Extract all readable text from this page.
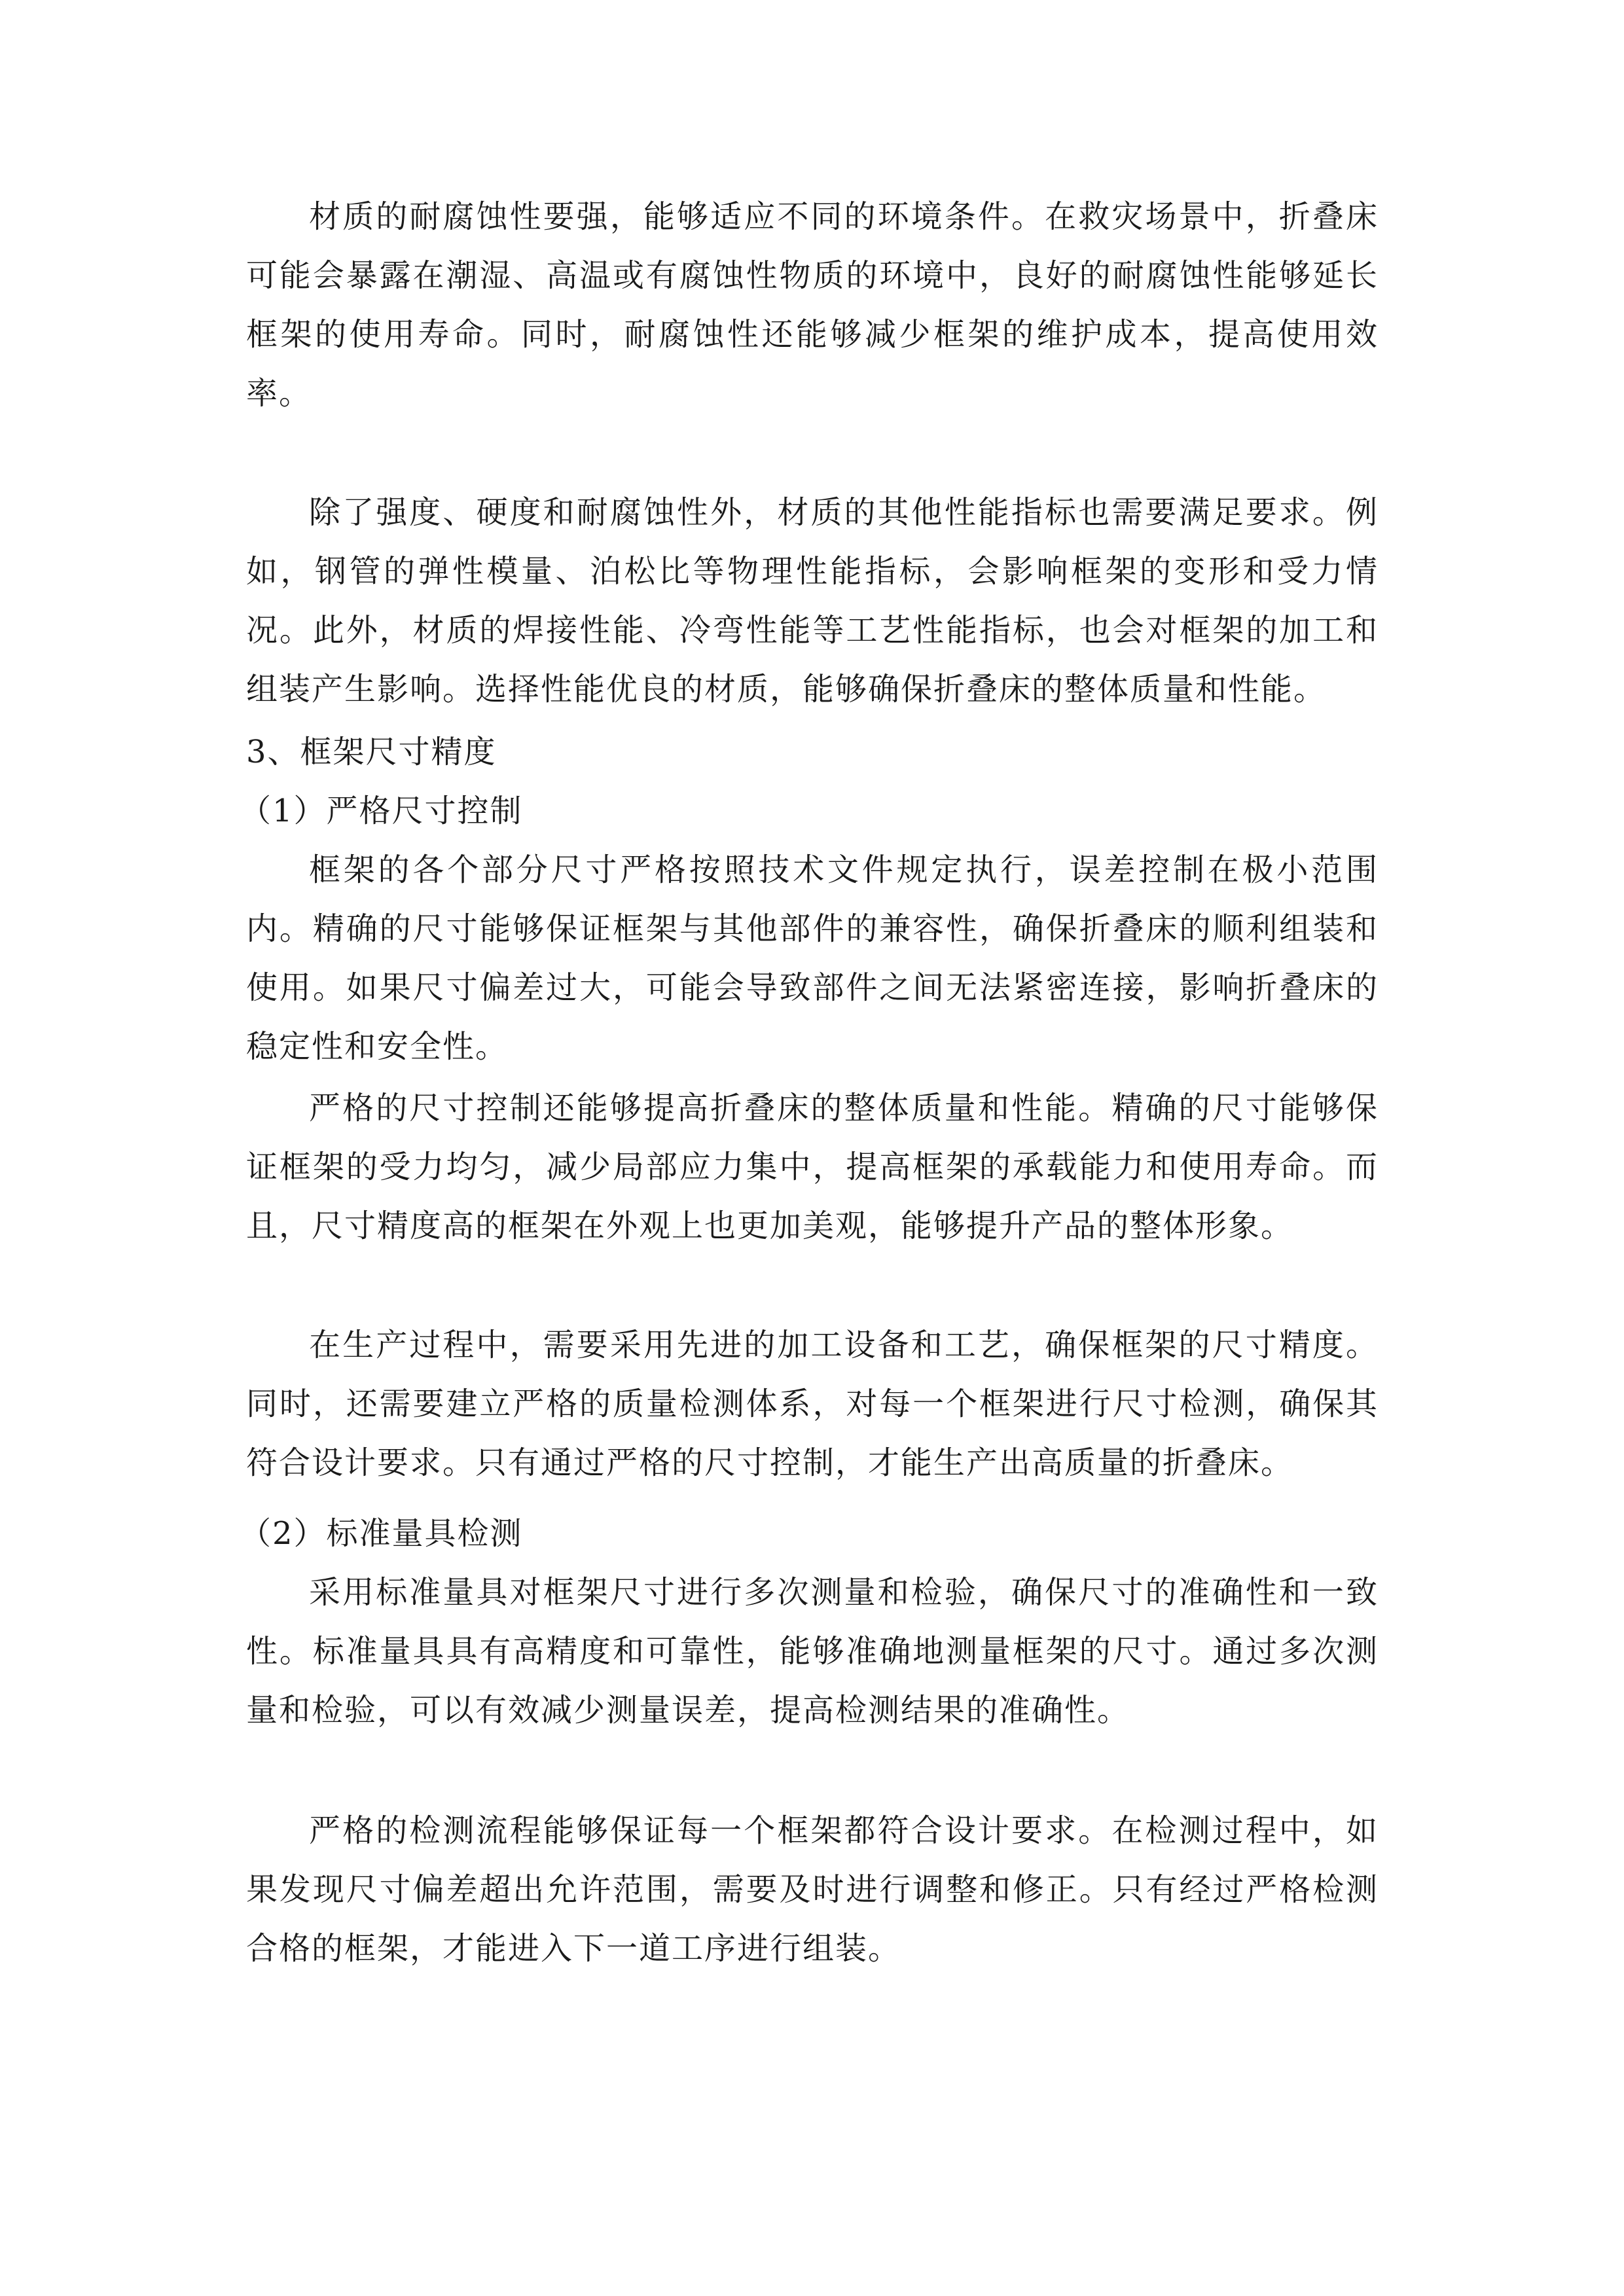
材质的耐腐蚀性要强，能够适应不同的环境条件。在救灾场景中，折叠床可能会暴露在潮湿、高温或有腐蚀性物质的环境中，良好的耐腐蚀性能够延长框架的使用寿命。同时，耐腐蚀性还能够减少框架的维护成本，提高使用效率。

除了强度、硬度和耐腐蚀性外，材质的其他性能指标也需要满足要求。例如，钢管的弹性模量、泊松比等物理性能指标，会影响框架的变形和受力情况。此外，材质的焊接性能、冷弯性能等工艺性能指标，也会对框架的加工和组装产生影响。选择性能优良的材质，能够确保折叠床的整体质量和性能。

3、框架尺寸精度

（1）严格尺寸控制

框架的各个部分尺寸严格按照技术文件规定执行，误差控制在极小范围内。精确的尺寸能够保证框架与其他部件的兼容性，确保折叠床的顺利组装和使用。如果尺寸偏差过大，可能会导致部件之间无法紧密连接，影响折叠床的稳定性和安全性。

严格的尺寸控制还能够提高折叠床的整体质量和性能。精确的尺寸能够保证框架的受力均匀，减少局部应力集中，提高框架的承载能力和使用寿命。而且，尺寸精度高的框架在外观上也更加美观，能够提升产品的整体形象。

在生产过程中，需要采用先进的加工设备和工艺，确保框架的尺寸精度。同时，还需要建立严格的质量检测体系，对每一个框架进行尺寸检测，确保其符合设计要求。只有通过严格的尺寸控制，才能生产出高质量的折叠床。

（2）标准量具检测

采用标准量具对框架尺寸进行多次测量和检验，确保尺寸的准确性和一致性。标准量具具有高精度和可靠性，能够准确地测量框架的尺寸。通过多次测量和检验，可以有效减少测量误差，提高检测结果的准确性。

严格的检测流程能够保证每一个框架都符合设计要求。在检测过程中，如果发现尺寸偏差超出允许范围，需要及时进行调整和修正。只有经过严格检测合格的框架，才能进入下一道工序进行组装。
